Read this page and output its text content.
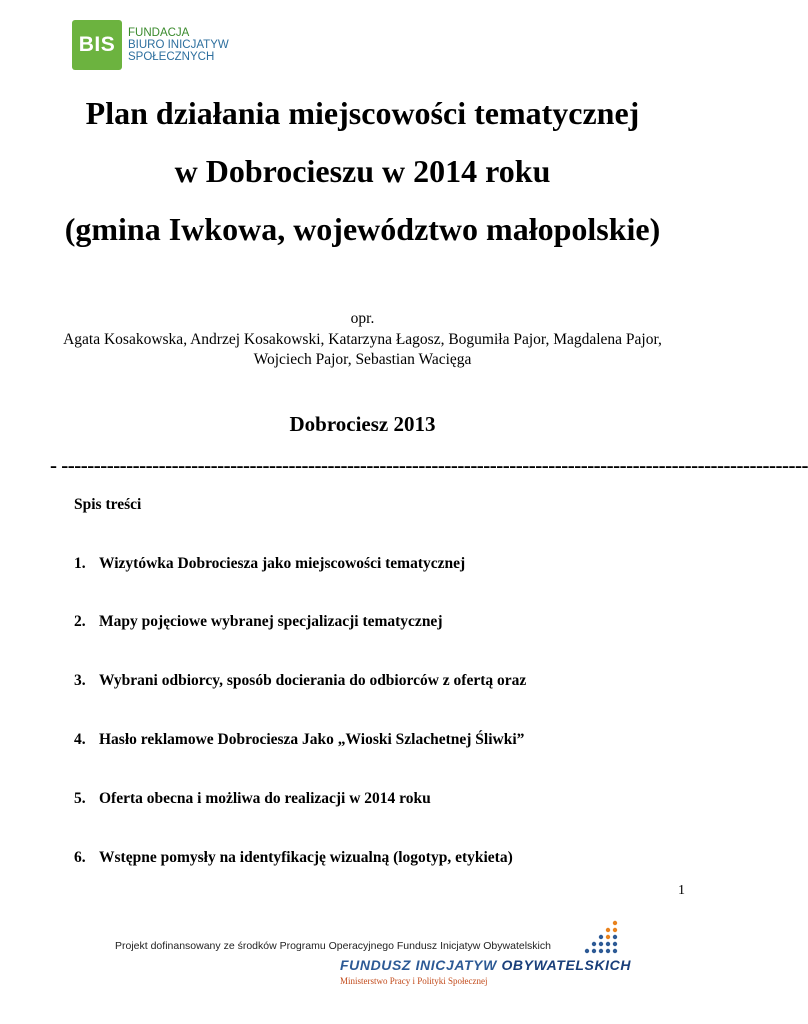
BIS	FUNDACJA
BIURO INICJATYW
SPOŁECZNYCH
Plan działania miejscowości tematycznej
w Dobrocieszu w 2014 roku
(gmina Iwkowa, województwo małopolskie)
opr.
Agata Kosakowska, Andrzej Kosakowski, Katarzyna Łagosz, Bogumiła Pajor, Magdalena Pajor, Wojciech Pajor, Sebastian Wacięga
Dobrociesz 2013
- -------------------------------------------------------------------------------------------------------------------
Spis treści
1. Wizytówka Dobrociesza jako miejscowości tematycznej
2. Mapy pojęciowe wybranej specjalizacji tematycznej
3. Wybrani odbiorcy, sposób docierania do odbiorców z ofertą oraz
4. Hasło reklamowe Dobrociesza Jako „Wioski Szlachetnej Śliwki”
5. Oferta obecna i możliwa do realizacji w 2014 roku
6. Wstępne pomysły na identyfikację wizualną (logotyp, etykieta)
1
Projekt dofinansowany ze środków Programu Operacyjnego Fundusz Inicjatyw Obywatelskich
FUNDUSZ INICJATYW OBYWATELSKICH
Ministerstwo Pracy i Polityki Społecznej
